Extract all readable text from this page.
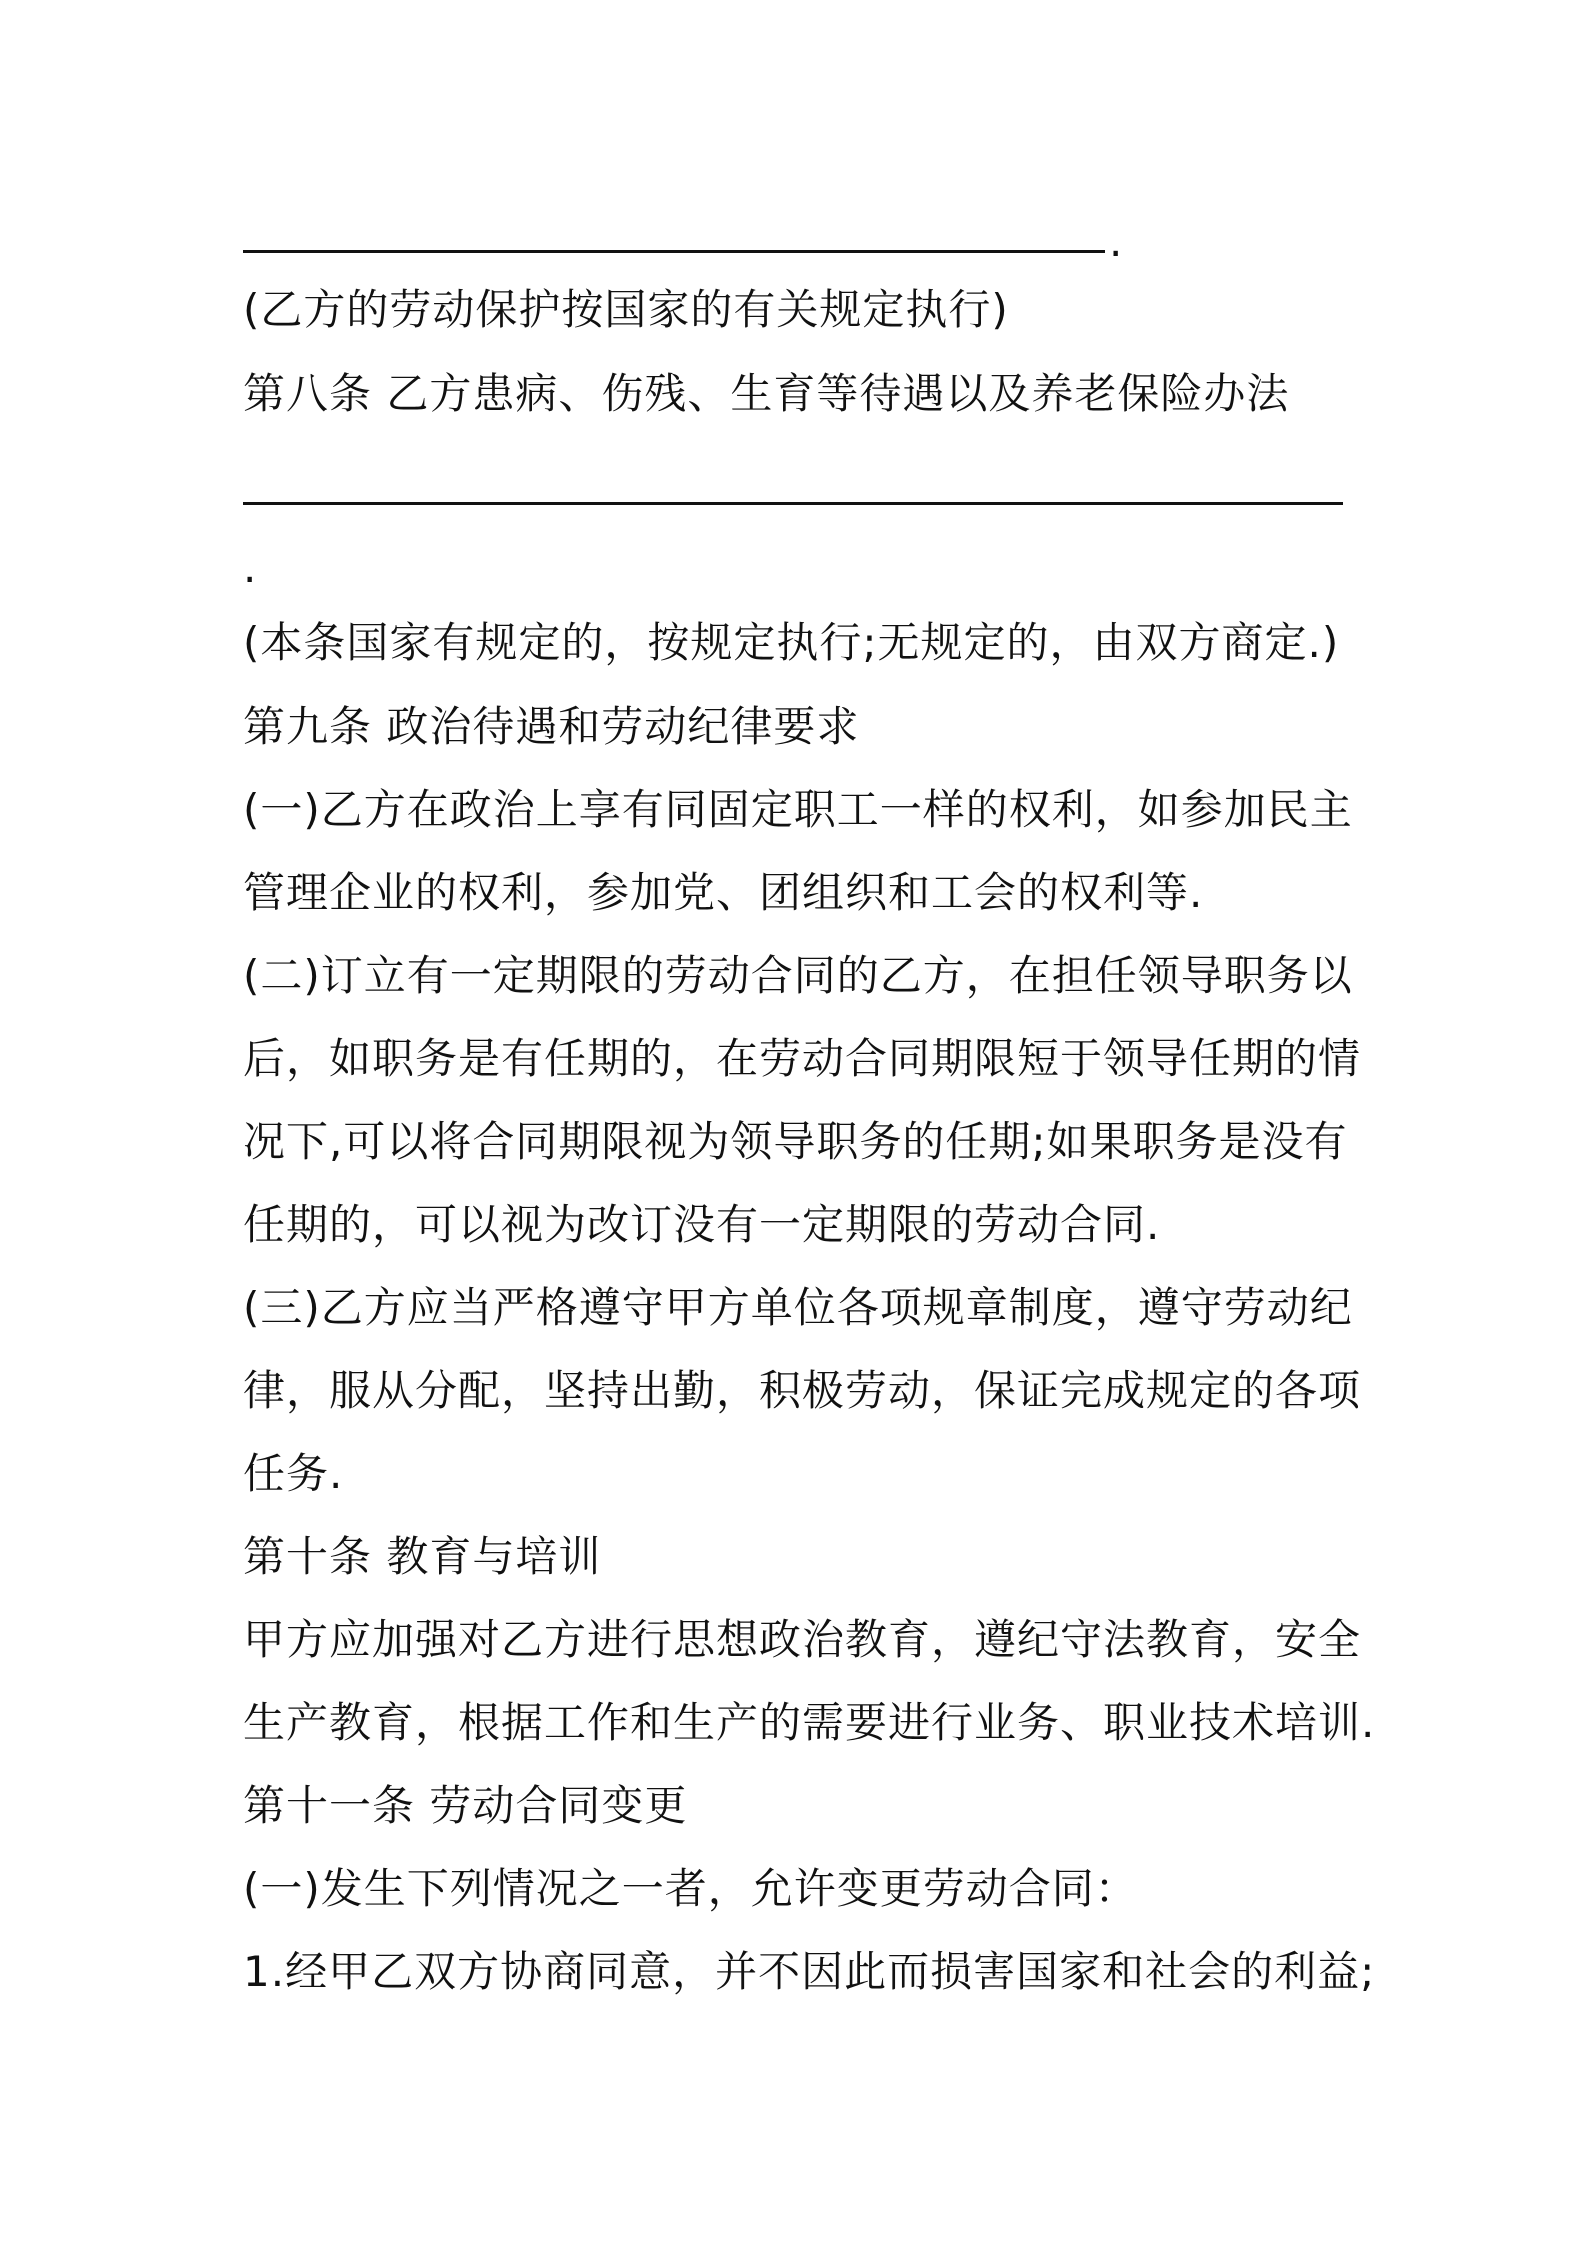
.
(乙方的劳动保护按国家的有关规定执行)
第八条 乙方患病、伤残、生育等待遇以及养老保险办法
.
(本条国家有规定的，按规定执行;无规定的，由双方商定.)
第九条 政治待遇和劳动纪律要求
(一)乙方在政治上享有同固定职工一样的权利，如参加民主
管理企业的权利，参加党、团组织和工会的权利等.
(二)订立有一定期限的劳动合同的乙方，在担任领导职务以
后，如职务是有任期的，在劳动合同期限短于领导任期的情
况下,可以将合同期限视为领导职务的任期;如果职务是没有
任期的，可以视为改订没有一定期限的劳动合同.
(三)乙方应当严格遵守甲方单位各项规章制度，遵守劳动纪
律，服从分配，坚持出勤，积极劳动，保证完成规定的各项
任务.
第十条 教育与培训
甲方应加强对乙方进行思想政治教育，遵纪守法教育，安全
生产教育，根据工作和生产的需要进行业务、职业技术培训.
第十一条 劳动合同变更
(一)发生下列情况之一者，允许变更劳动合同：
1.经甲乙双方协商同意，并不因此而损害国家和社会的利益;
